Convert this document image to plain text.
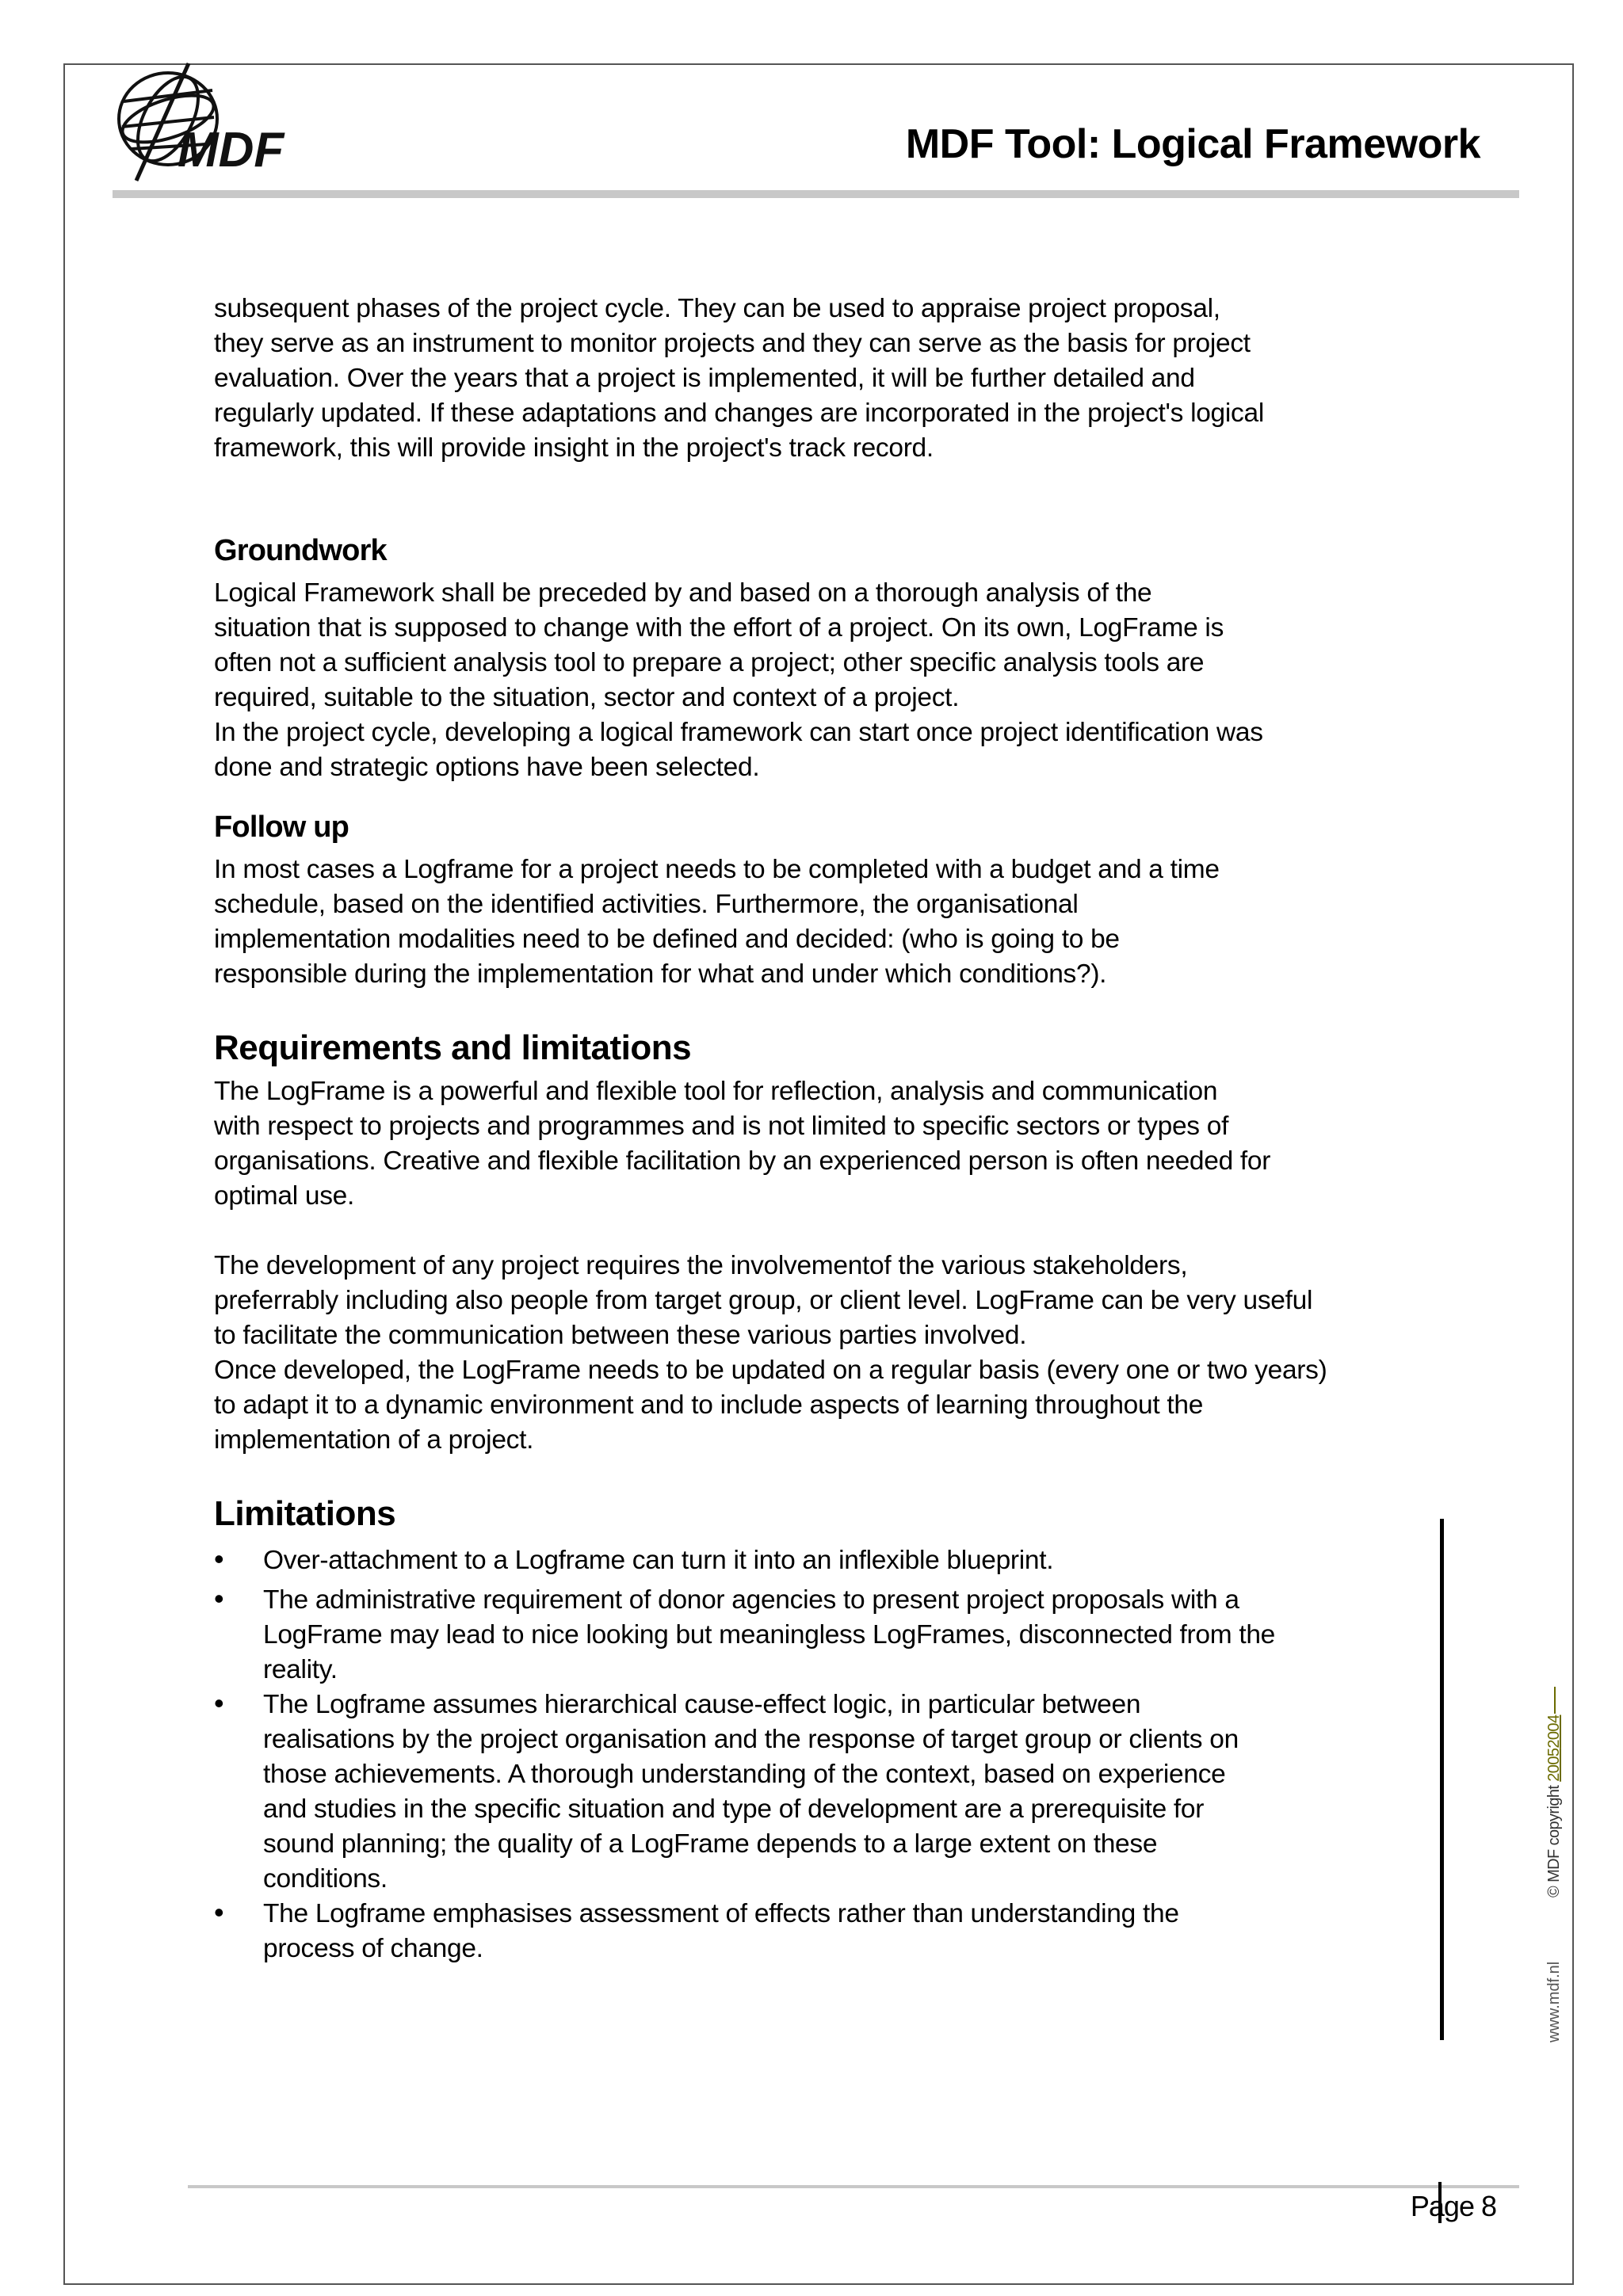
MDF	MDF Tool: Logical Framework

subsequent phases of the project cycle. They can be used to appraise project proposal,
they serve as an instrument to monitor projects and they can serve as the basis for project
evaluation. Over the years that a project is implemented, it will be further detailed and
regularly updated. If these adaptations and changes are incorporated in the project's logical
framework, this will provide insight in the project's track record.

Groundwork

Logical Framework shall be preceded by and based on a thorough analysis of the
situation that is supposed to change with the effort of a project. On its own, LogFrame is
often not a sufficient analysis tool to prepare a project; other specific analysis tools are
required, suitable to the situation, sector and context of a project.
In the project cycle, developing a logical framework can start once project identification was
done and strategic options have been selected.

Follow up

In most cases a Logframe for a project needs to be completed with a budget and a time
schedule, based on the identified activities. Furthermore, the organisational
implementation modalities need to be defined and decided: (who is going to be
responsible during the implementation for what and under which conditions?).

Requirements and limitations

The LogFrame is a powerful and flexible tool for reflection, analysis and communication
with respect to projects and programmes and is not limited to specific sectors or types of
organisations. Creative and flexible facilitation by an experienced person is often needed for
optimal use.

The development of any project requires the involvementof the various stakeholders,
preferrably including also people from target group, or client level. LogFrame can be very useful
to facilitate the communication between these various parties involved.
Once developed, the LogFrame needs to be updated on a regular basis (every one or two years)
to adapt it to a dynamic environment and to include aspects of learning throughout the
implementation of a project.

Limitations
• Over-attachment to a Logframe can turn it into an inflexible blueprint.
• The administrative requirement of donor agencies to present project proposals with a
LogFrame may lead to nice looking but meaningless LogFrames, disconnected from the
reality.
• The Logframe assumes hierarchical cause-effect logic, in particular between
realisations by the project organisation and the response of target group or clients on
those achievements. A thorough understanding of the context, based on experience
and studies in the specific situation and type of development are a prerequisite for
sound planning; the quality of a LogFrame depends to a large extent on these
conditions.
• The Logframe emphasises assessment of effects rather than understanding the
process of change.
© MDF copyright 20052004
www.mdf.nl
Page 8
